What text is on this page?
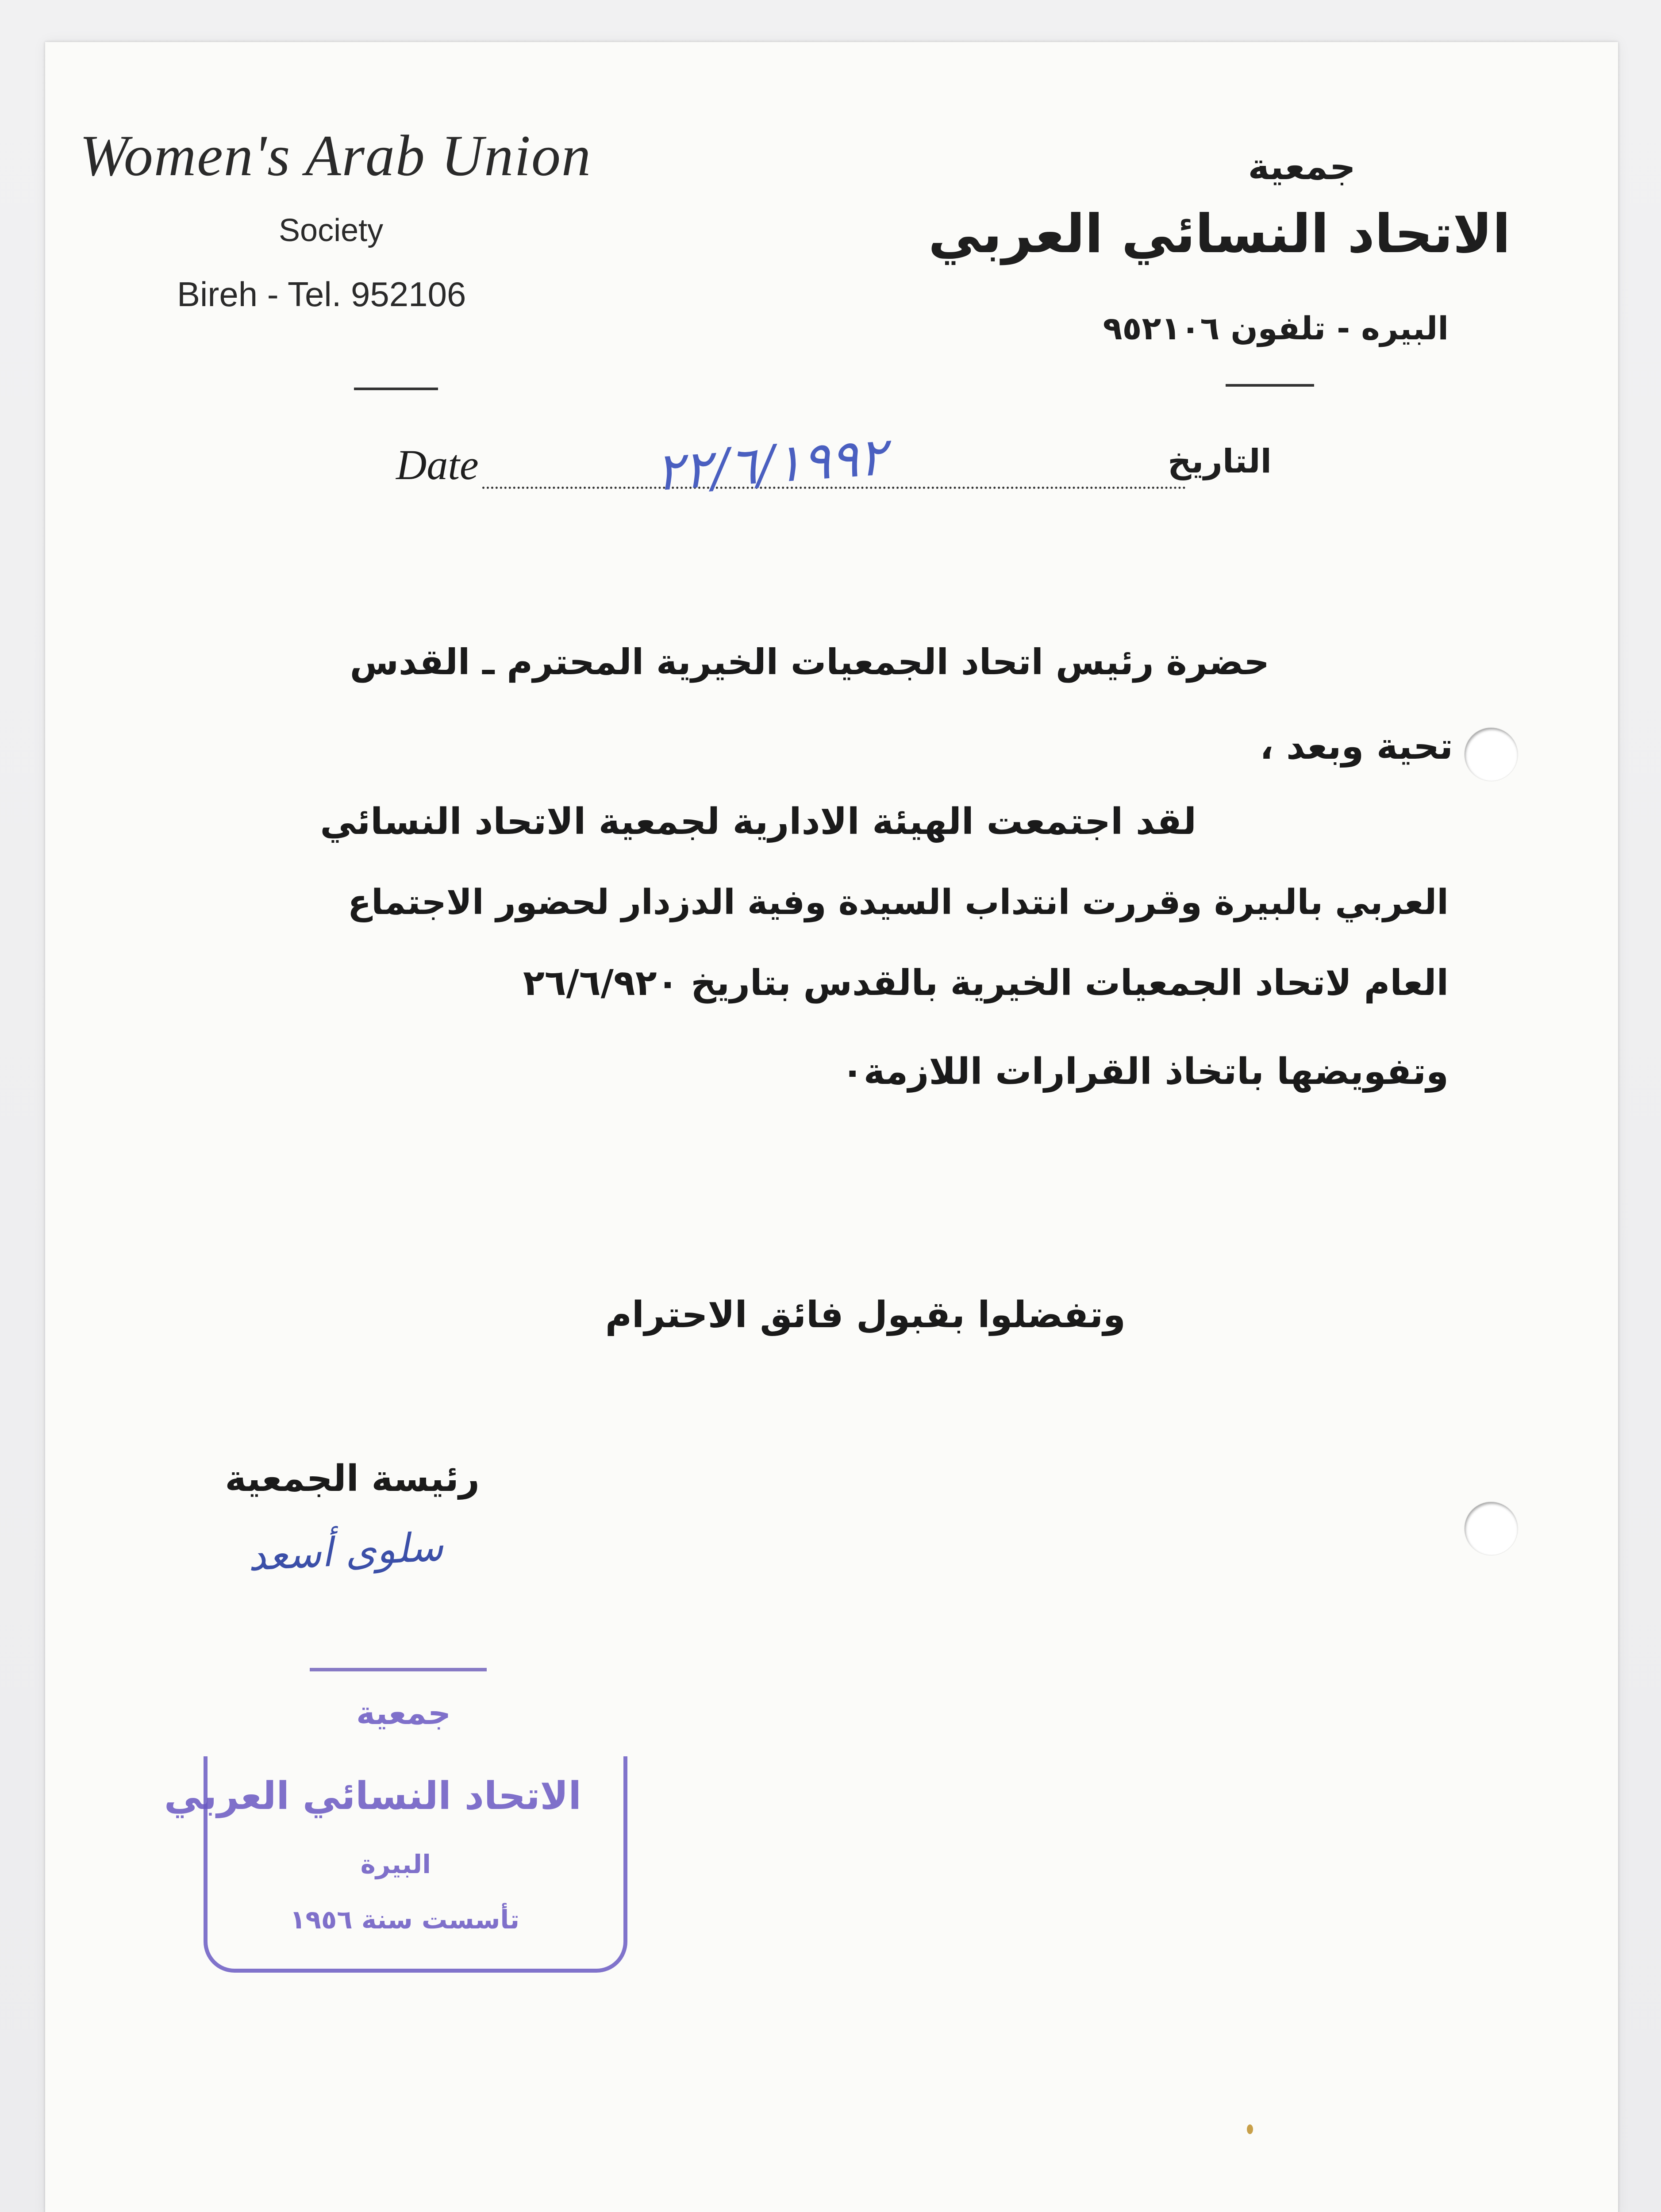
Women's Arab Union
Society
Bireh - Tel. 952106
جمعية
الاتحاد النسائي العربي
البيره - تلفون ٩٥٢١٠٦
Date	التاريخ
٢٢/٦/١٩٩٢
حضرة رئيس اتحاد الجمعيات الخيرية المحترم ـ القدس
تحية وبعد ،
لقد اجتمعت الهيئة الادارية لجمعية الاتحاد النسائي
العربي بالبيرة وقررت انتداب السيدة وفية الدزدار لحضور الاجتماع
العام لاتحاد الجمعيات الخيرية بالقدس بتاريخ ٢٦/٦/٩٢٠
وتفويضها باتخاذ القرارات اللازمة٠
وتفضلوا بقبول فائق الاحترام
رئيسة الجمعية
سلوى أسعد
جمعية
الاتحاد النسائي العربي
البيرة
تأسست سنة ١٩٥٦
